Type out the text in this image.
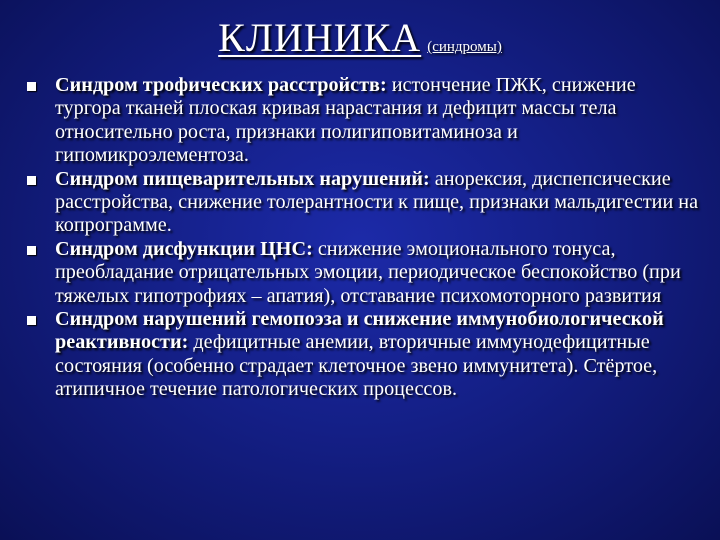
КЛИНИКА (синдромы)
Синдром трофических расстройств: истончение ПЖК, снижение тургора тканей плоская кривая нарастания и дефицит массы тела относительно роста, признаки полигиповитаминоза и гипомикроэлементоза.
Синдром пищеварительных нарушений: анорексия, диспепсические расстройства, снижение толерантности к пище, признаки мальдигестии на копрограмме.
Синдром дисфункции ЦНС: снижение эмоционального тонуса, преобладание отрицательных эмоции, периодическое беспокойство (при тяжелых гипотрофиях – апатия), отставание психомоторного развития
Синдром нарушений гемопоэза и снижение иммунобиологической реактивности: дефицитные анемии, вторичные иммунодефицитные состояния (особенно страдает клеточное звено иммунитета). Стёртое, атипичное течение патологических процессов.
